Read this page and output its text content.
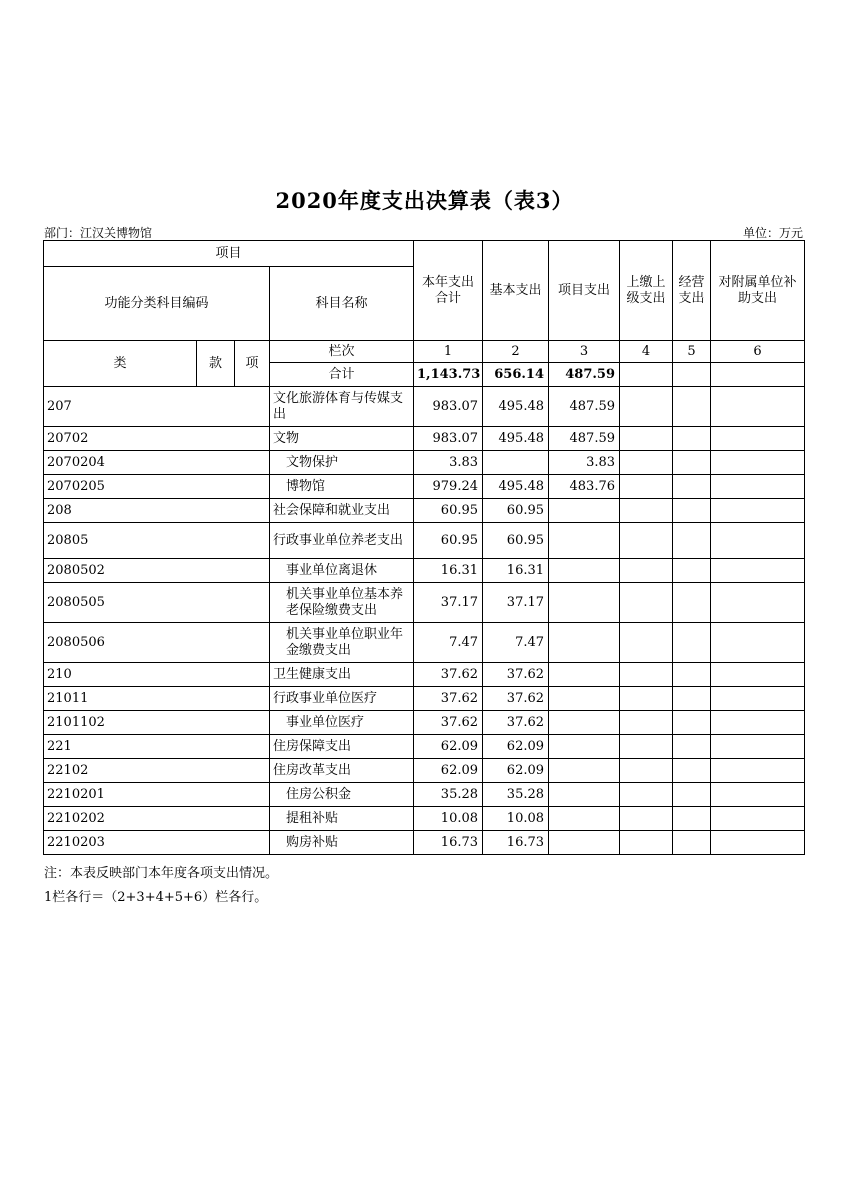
2020年度支出决算表（表3）
部门：江汉关博物馆	单位：万元
项目				本年支出合计	基本支出	项目支出	上缴上级支出	经营支出	对附属单位补助支出
功能分类科目编码			科目名称						
类	款	项	栏次	1	2	3	4	5	6
			合计	1,143.73	656.14	487.59			
207			文化旅游体育与传媒支出	983.07	495.48	487.59			
20702			文物	983.07	495.48	487.59			
2070204			文物保护	3.83		3.83			
2070205			博物馆	979.24	495.48	483.76			
208			社会保障和就业支出	60.95	60.95				
20805			行政事业单位养老支出	60.95	60.95				
2080502			事业单位离退休	16.31	16.31				
2080505			机关事业单位基本养老保险缴费支出	37.17	37.17				
2080506			机关事业单位职业年金缴费支出	7.47	7.47				
210			卫生健康支出	37.62	37.62				
21011			行政事业单位医疗	37.62	37.62				
2101102			事业单位医疗	37.62	37.62				
221			住房保障支出	62.09	62.09				
22102			住房改革支出	62.09	62.09				
2210201			住房公积金	35.28	35.28				
2210202			提租补贴	10.08	10.08				
2210203			购房补贴	16.73	16.73				
注：本表反映部门本年度各项支出情况。
1栏各行＝（2+3+4+5+6）栏各行。
